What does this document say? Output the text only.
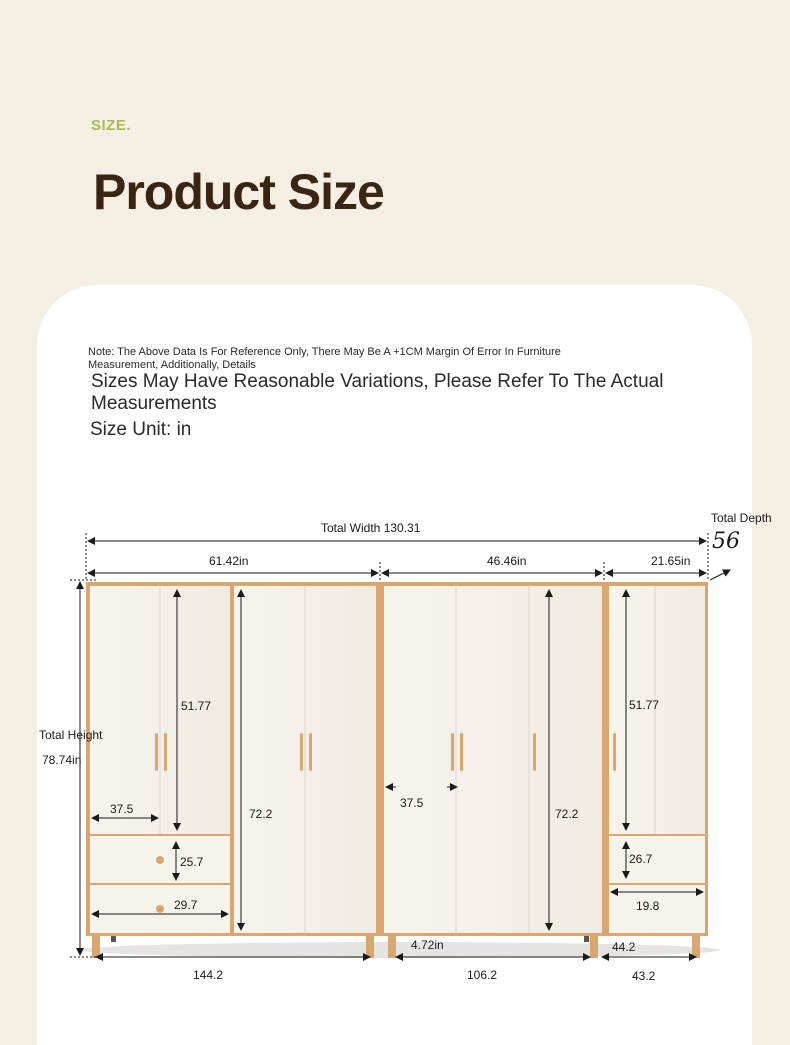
SIZE.
Product Size
Note: The Above Data Is For Reference Only, There May Be A +1CM Margin Of Error In Furniture Measurement, Additionally, Details
Sizes May Have Reasonable Variations, Please Refer To The Actual Measurements
Size Unit: in
Total Width 130.31
Total Depth
56
61.42in	46.46in	21.65in
Total Height
78.74in
51.77
37.5
25.7
29.7
72.2
37.5
72.2
51.77
26.7
19.8
4.72in	44.2
144.2	106.2	43.2
